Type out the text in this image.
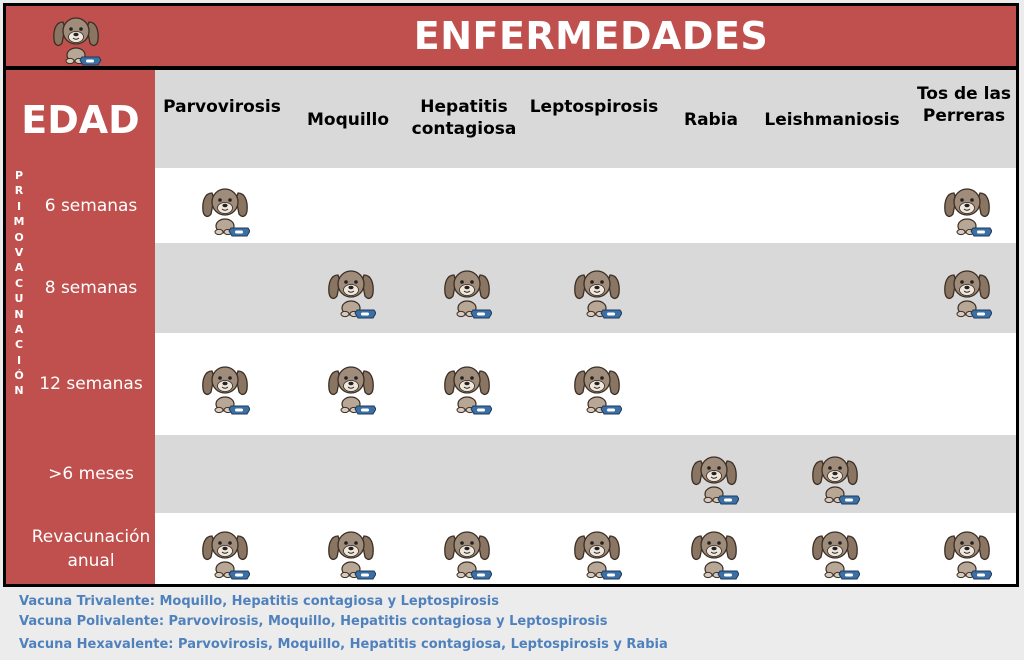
ENFERMEDADES
EDAD
P
R
I
M
O
V
A
C
U
N
A
C
I
Ó
N
Parvovirosis
Moquillo
Hepatitis
contagiosa
Leptospirosis
Rabia Leishmaniosis
Tos de las
Perreras
6 semanas
8 semanas
12 semanas
>6 meses
Revacunación
anual
Vacuna Trivalente: Moquillo, Hepatitis contagiosa y Leptospirosis
Vacuna Polivalente: Parvovirosis, Moquillo, Hepatitis contagiosa y Leptospirosis
Vacuna Hexavalente: Parvovirosis, Moquillo, Hepatitis contagiosa, Leptospirosis y Rabia
